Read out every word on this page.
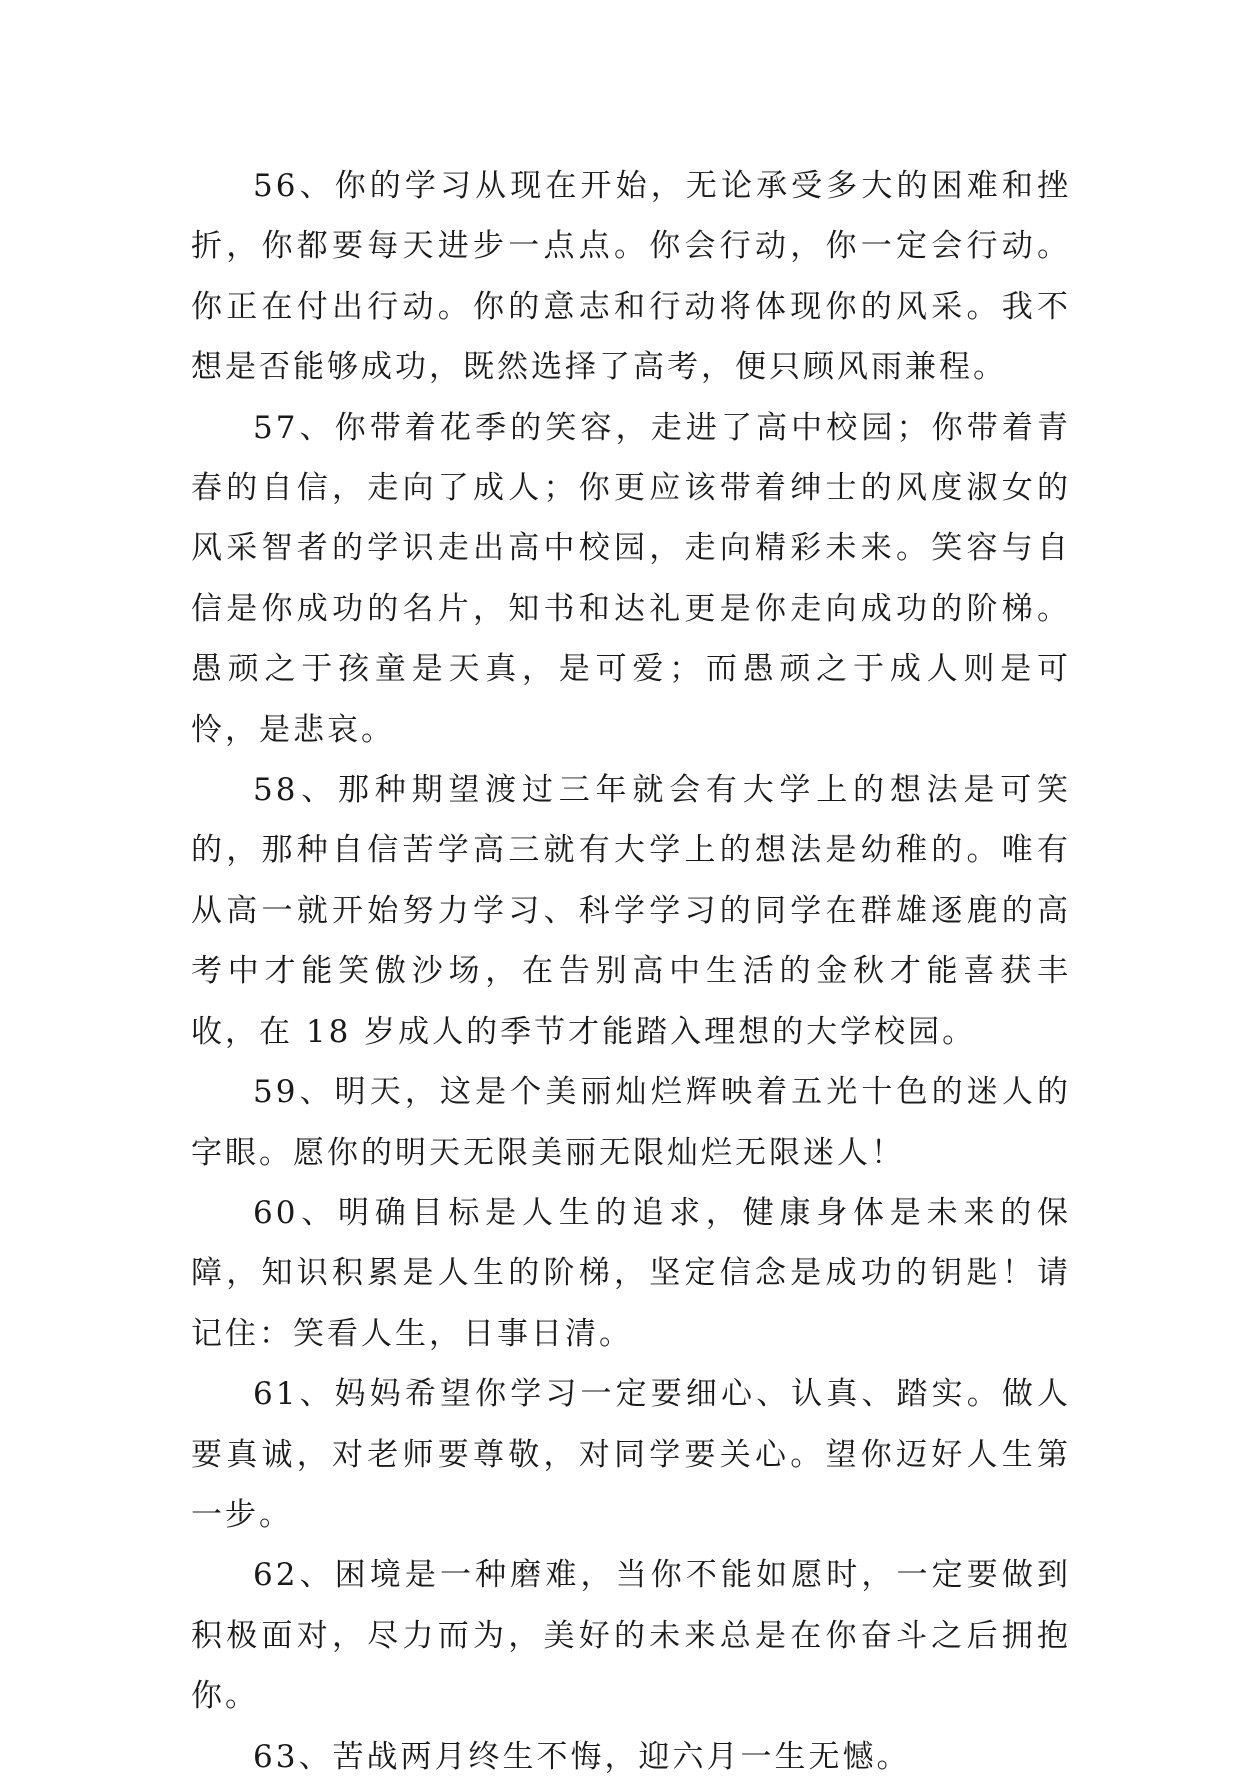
56、你的学习从现在开始，无论承受多大的困难和挫折，你都要每天进步一点点。你会行动，你一定会行动。你正在付出行动。你的意志和行动将体现你的风采。我不想是否能够成功，既然选择了高考，便只顾风雨兼程。

57、你带着花季的笑容，走进了高中校园；你带着青春的自信，走向了成人；你更应该带着绅士的风度淑女的风采智者的学识走出高中校园，走向精彩未来。笑容与自信是你成功的名片，知书和达礼更是你走向成功的阶梯。愚顽之于孩童是天真，是可爱；而愚顽之于成人则是可怜，是悲哀。

58、那种期望渡过三年就会有大学上的想法是可笑的，那种自信苦学高三就有大学上的想法是幼稚的。唯有从高一就开始努力学习、科学学习的同学在群雄逐鹿的高考中才能笑傲沙场，在告别高中生活的金秋才能喜获丰收，在 18 岁成人的季节才能踏入理想的大学校园。

59、明天，这是个美丽灿烂辉映着五光十色的迷人的字眼。愿你的明天无限美丽无限灿烂无限迷人！

60、明确目标是人生的追求，健康身体是未来的保障，知识积累是人生的阶梯，坚定信念是成功的钥匙！请记住：笑看人生，日事日清。

61、妈妈希望你学习一定要细心、认真、踏实。做人要真诚，对老师要尊敬，对同学要关心。望你迈好人生第一步。

62、困境是一种磨难，当你不能如愿时，一定要做到积极面对，尽力而为，美好的未来总是在你奋斗之后拥抱你。

63、苦战两月终生不悔，迎六月一生无憾。
